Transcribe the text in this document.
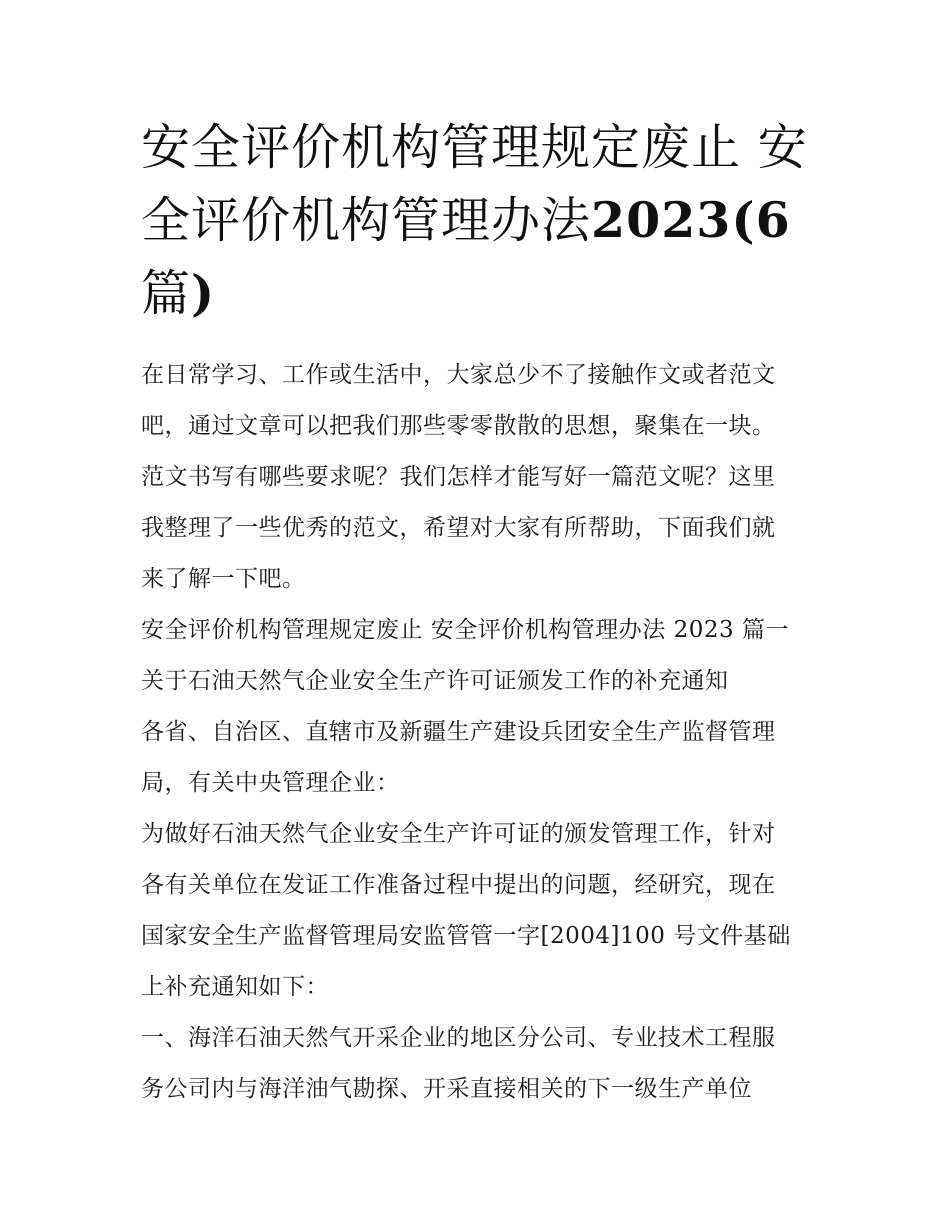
安全评价机构管理规定废止 安
全评价机构管理办法2023(6
篇)

在日常学习、工作或生活中，大家总少不了接触作文或者范文

吧，通过文章可以把我们那些零零散散的思想，聚集在一块。

范文书写有哪些要求呢？我们怎样才能写好一篇范文呢？这里

我整理了一些优秀的范文，希望对大家有所帮助，下面我们就

来了解一下吧。

安全评价机构管理规定废止 安全评价机构管理办法 2023 篇一

关于石油天然气企业安全生产许可证颁发工作的补充通知

各省、自治区、直辖市及新疆生产建设兵团安全生产监督管理

局，有关中央管理企业：

为做好石油天然气企业安全生产许可证的颁发管理工作，针对

各有关单位在发证工作准备过程中提出的问题，经研究，现在

国家安全生产监督管理局安监管管一字[2004]100 号文件基础

上补充通知如下：

一、海洋石油天然气开采企业的地区分公司、专业技术工程服

务公司内与海洋油气勘探、开采直接相关的下一级生产单位
